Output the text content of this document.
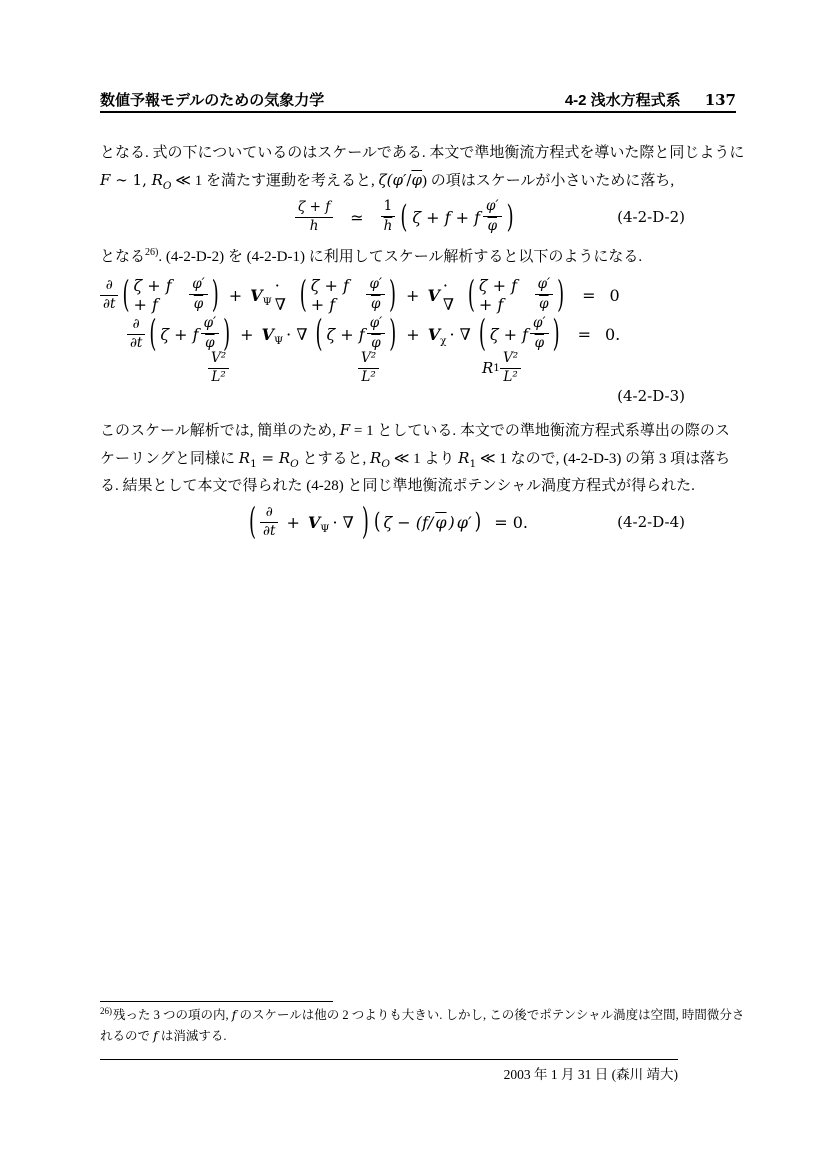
数値予報モデルのための気象力学	4-2 浅水方程式系 137
となる. 式の下についているのはスケールである. 本文で準地衡流方程式を導いた際と同じように
F ∼ 1, $R_O$ ≪ 1 を満たす運動を考えると, $\zeta(\varphi'/\overline{\varphi})$ の項はスケールが小さいために落ち,
$\frac{\zeta + f}{h}$ ≃ $\frac{1}{h}$ ( ζ + f + f $\frac{\varphi'}{\varphi}$ )	(4-2-D-2)
となる$^{26)}$. (4-2-D-2) を (4-2-D-1) に利用してスケール解析すると以下のようになる.
$\frac{\partial}{\partial t}$ ( ζ + f + f	$\frac{\varphi'}{\varphi}$ ) + $V_\Psi$
· ∇ ( ζ + f + f	$\frac{\varphi'}{\varphi}$ ) + V · ∇ ( ζ + f + f	$\frac{\varphi'}{\varphi}$ ) = 0
$\frac{\partial}{\partial t}$ ( ζ + f $\frac{\varphi'}{\varphi}$ ) + $V_\Psi$ · ∇ ( ζ + f $\frac{\varphi'}{\varphi}$ ) + $V_\chi$ · ∇ ( ζ + f $\frac{\varphi'}{\varphi}$ ) = 0.
$\frac{\text{V²}}{\text{L²}}$	$\frac{\text{V²}}{\text{L²}}$	R $1 \frac{\text{V²}}{\text{L²}}$
(4-2-D-3)
このスケール解析では, 簡単のため, F = 1 としている. 本文での準地衡流方程式系導出の際のス
ケーリングと同様に $R_1 = R_O$ とすると, $R_O$ ≪ 1 より $R_1$ ≪ 1 なので, (4-2-D-3) の第 3 項は落ち
る. 結果として本文で得られた (4-28) と同じ準地衡流ポテンシャル渦度方程式が得られた.
( $\frac{\partial}{\partial t} + V_\Psi$ · ∇ ) ( ζ − (f/ $\overline{\varphi}$ ) φ′ ) = 0.	(4-2-D-4)
$^{26)}$残った 3 つの項の内, f のスケールは他の 2 つよりも大きい. しかし, この後でポテンシャル渦度は空間, 時間微分さ
れるので f は消滅する.
2003 年 1 月 31 日 (森川 靖大)
